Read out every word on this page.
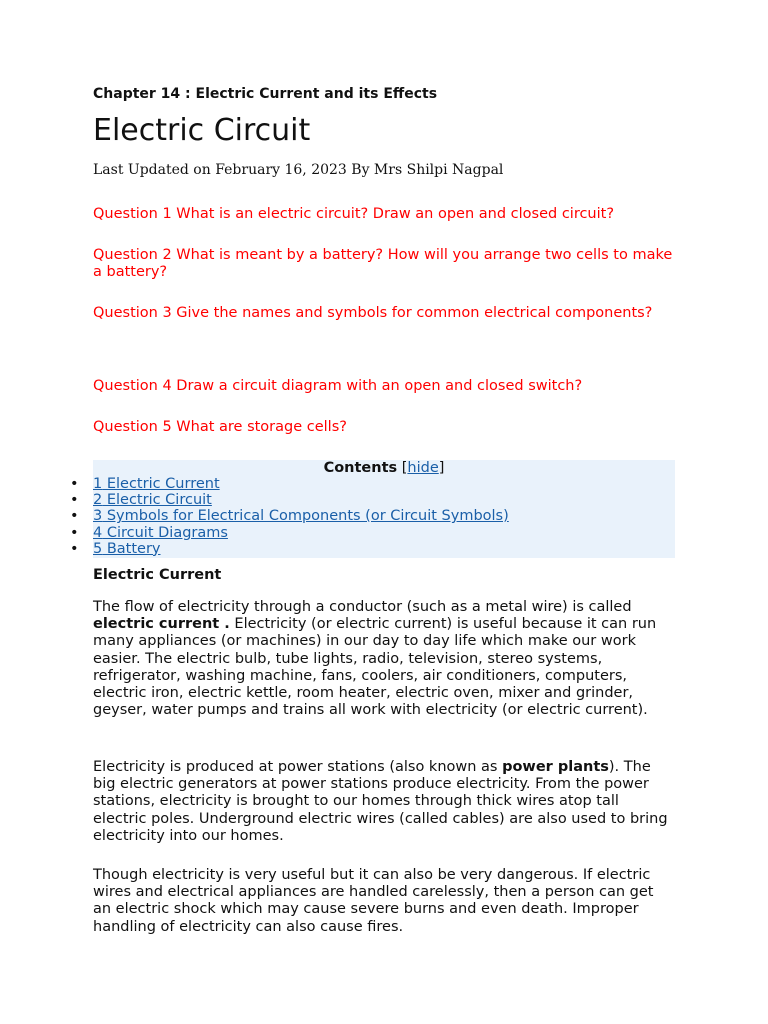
Chapter 14 : Electric Current and its Effects
Electric Circuit
Last Updated on February 16, 2023 By Mrs Shilpi Nagpal
Question 1 What is an electric circuit? Draw an open and closed circuit?
Question 2 What is meant by a battery? How will you arrange two cells to make a battery?
Question 3 Give the names and symbols for common electrical components?
Question 4 Draw a circuit diagram with an open and closed switch?
Question 5 What are storage cells?
Contents [hide]
• 1 Electric Current
• 2 Electric Circuit
• 3 Symbols for Electrical Components (or Circuit Symbols)
• 4 Circuit Diagrams
• 5 Battery
Electric Current
The flow of electricity through a conductor (such as a metal wire) is called electric current . Electricity (or electric current) is useful because it can run many appliances (or machines) in our day to day life which make our work easier. The electric bulb, tube lights, radio, television, stereo systems, refrigerator, washing machine, fans, coolers, air conditioners, computers, electric iron, electric kettle, room heater, electric oven, mixer and grinder, geyser, water pumps and trains all work with electricity (or electric current).
Electricity is produced at power stations (also known as power plants). The big electric generators at power stations produce electricity. From the power stations, electricity is brought to our homes through thick wires atop tall electric poles. Underground electric wires (called cables) are also used to bring electricity into our homes.
Though electricity is very useful but it can also be very dangerous. If electric wires and electrical appliances are handled carelessly, then a person can get an electric shock which may cause severe burns and even death. Improper handling of electricity can also cause fires.
